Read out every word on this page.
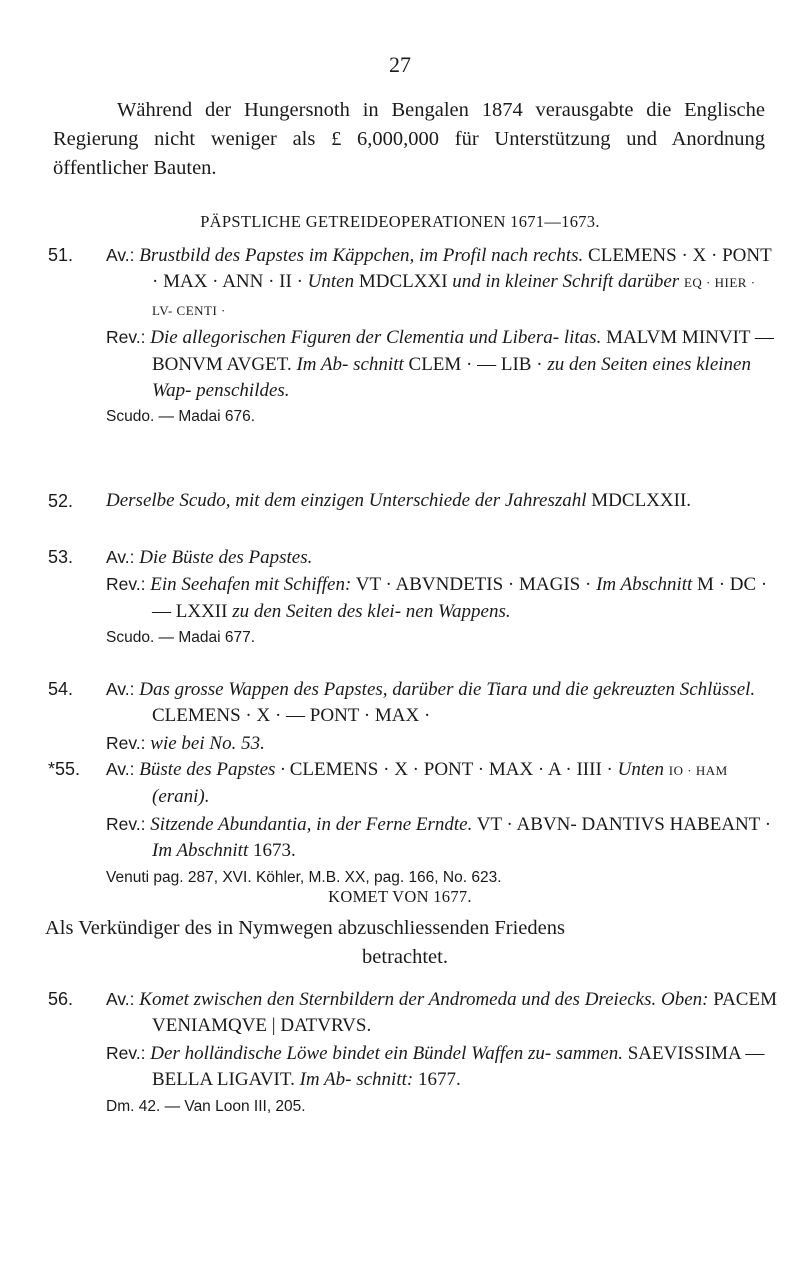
27

Während der Hungersnoth in Bengalen 1874 verausgabte die Englische Regierung nicht weniger als £ 6,000,000 für Unterstützung und Anordnung öffentlicher Bauten.

PÄPSTLICHE GETREIDEOPERATIONEN 1671—1673.
51.	Av.: Brustbild des Papstes im Käppchen, im Profil nach rechts. CLEMENS · X · PONT · MAX · ANN · II · Unten MDCLXXI und in kleiner Schrift darüber EQ · HIER · LV- CENTI ·

Rev.: Die allegorischen Figuren der Clementia und Libera- litas. MALVM MINVIT — BONVM AVGET. Im Ab- schnitt CLEM · — LIB · zu den Seiten eines kleinen Wap- penschildes.

Scudo. — Madai 676.

52.	Derselbe Scudo, mit dem einzigen Unterschiede der Jahreszahl MDCLXXII.

53.	Av.: Die Büste des Papstes.

Rev.: Ein Seehafen mit Schiffen: VT · ABVNDETIS · MAGIS · Im Abschnitt M · DC · — LXXII zu den Seiten des klei- nen Wappens.

Scudo. — Madai 677.

54.	Av.: Das grosse Wappen des Papstes, darüber die Tiara und die gekreuzten Schlüssel. CLEMENS · X · — PONT · MAX ·

Rev.: wie bei No. 53.

*55.	Av.: Büste des Papstes · CLEMENS · X · PONT · MAX · A · IIII · Unten IO · HAM (erani).

Rev.: Sitzende Abundantia, in der Ferne Erndte. VT · ABVN- DANTIVS HABEANT · Im Abschnitt 1673.

Venuti pag. 287, XVI. Köhler, M.B. XX, pag. 166, No. 623.

KOMET VON 1677.

Als Verkündiger des in Nymwegen abzuschliessenden Friedens

betrachtet.

56.	Av.: Komet zwischen den Sternbildern der Andromeda und des Dreiecks. Oben: PACEM VENIAMQVE | DATVRVS.

Rev.: Der holländische Löwe bindet ein Bündel Waffen zu- sammen. SAEVISSIMA — BELLA LIGAVIT. Im Ab- schnitt: 1677.

Dm. 42. — Van Loon III, 205.
